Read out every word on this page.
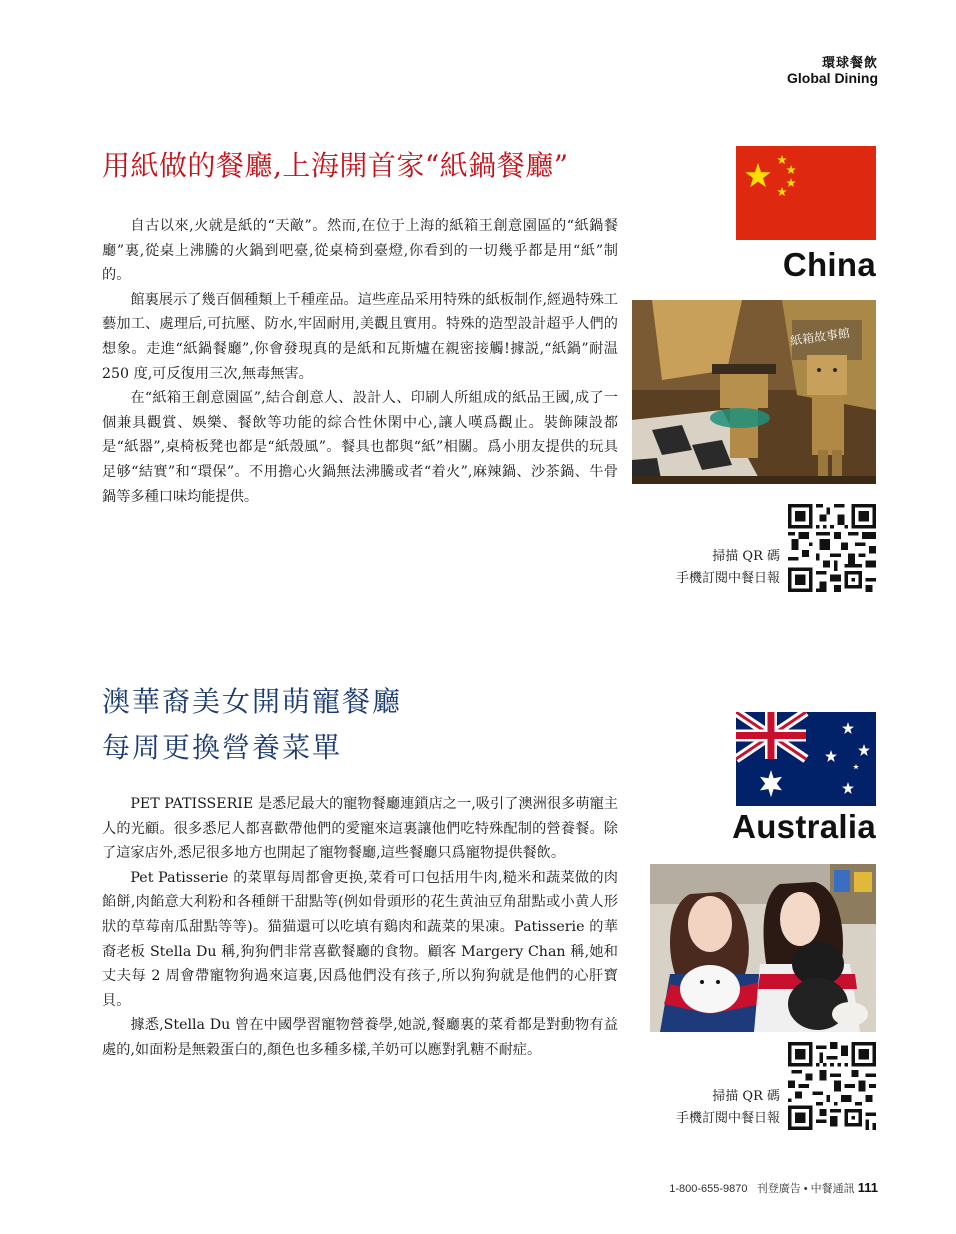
環球餐飲
Global Dining
用紙做的餐廳,上海開首家“紙鍋餐廳”

自古以來,火就是紙的“天敵”。然而,在位于上海的紙箱王創意園區的“紙鍋餐廳”裏,從桌上沸騰的火鍋到吧臺,從桌椅到臺燈,你看到的一切幾乎都是用“紙”制的。

館裏展示了幾百個種類上千種産品。這些産品采用特殊的紙板制作,經過特殊工藝加工、處理后,可抗壓、防水,牢固耐用,美觀且實用。特殊的造型設計超乎人們的想象。走進“紙鍋餐廳”,你會發現真的是紙和瓦斯爐在親密接觸!據説,“紙鍋”耐温 250 度,可反復用三次,無毒無害。

在“紙箱王創意園區”,結合創意人、設計人、印刷人所組成的紙品王國,成了一個兼具觀賞、娛樂、餐飲等功能的綜合性休閑中心,讓人嘆爲觀止。裝飾陳設都是“紙器”,桌椅板凳也都是“紙殼風”。餐具也都與“紙”相關。爲小朋友提供的玩具足够“結實”和“環保”。不用擔心火鍋無法沸騰或者“着火”,麻辣鍋、沙茶鍋、牛骨鍋等多種口味均能提供。

China
紙箱故事館
掃描 QR 碼
手機訂閱中餐日報
澳華裔美女開萌寵餐廳
每周更換營養菜單

PET PATISSERIE 是悉尼最大的寵物餐廳連鎖店之一,吸引了澳洲很多萌寵主人的光顧。很多悉尼人都喜歡帶他們的愛寵來這裏讓他們吃特殊配制的營養餐。除了這家店外,悉尼很多地方也開起了寵物餐廳,這些餐廳只爲寵物提供餐飲。

Pet Patisserie 的菜單每周都會更换,菜肴可口包括用牛肉,糙米和蔬菜做的肉餡餅,肉餡意大利粉和各種餅干甜點等(例如骨頭形的花生黄油豆角甜點或小黄人形狀的草莓南瓜甜點等等)。猫猫還可以吃填有鷄肉和蔬菜的果凍。Patisserie 的華裔老板 Stella Du 稱,狗狗們非常喜歡餐廳的食物。顧客 Margery Chan 稱,她和丈夫每 2 周會帶寵物狗過來這裏,因爲他們没有孩子,所以狗狗就是他們的心肝寶貝。

據悉,Stella Du 曾在中國學習寵物營養學,她説,餐廳裏的菜肴都是對動物有益處的,如面粉是無穀蛋白的,顏色也多種多樣,羊奶可以應對乳糖不耐症。

Australia
掃描 QR 碼
手機訂閱中餐日報
1-800-655-9870 刊登廣告 • 中餐通訊 111
